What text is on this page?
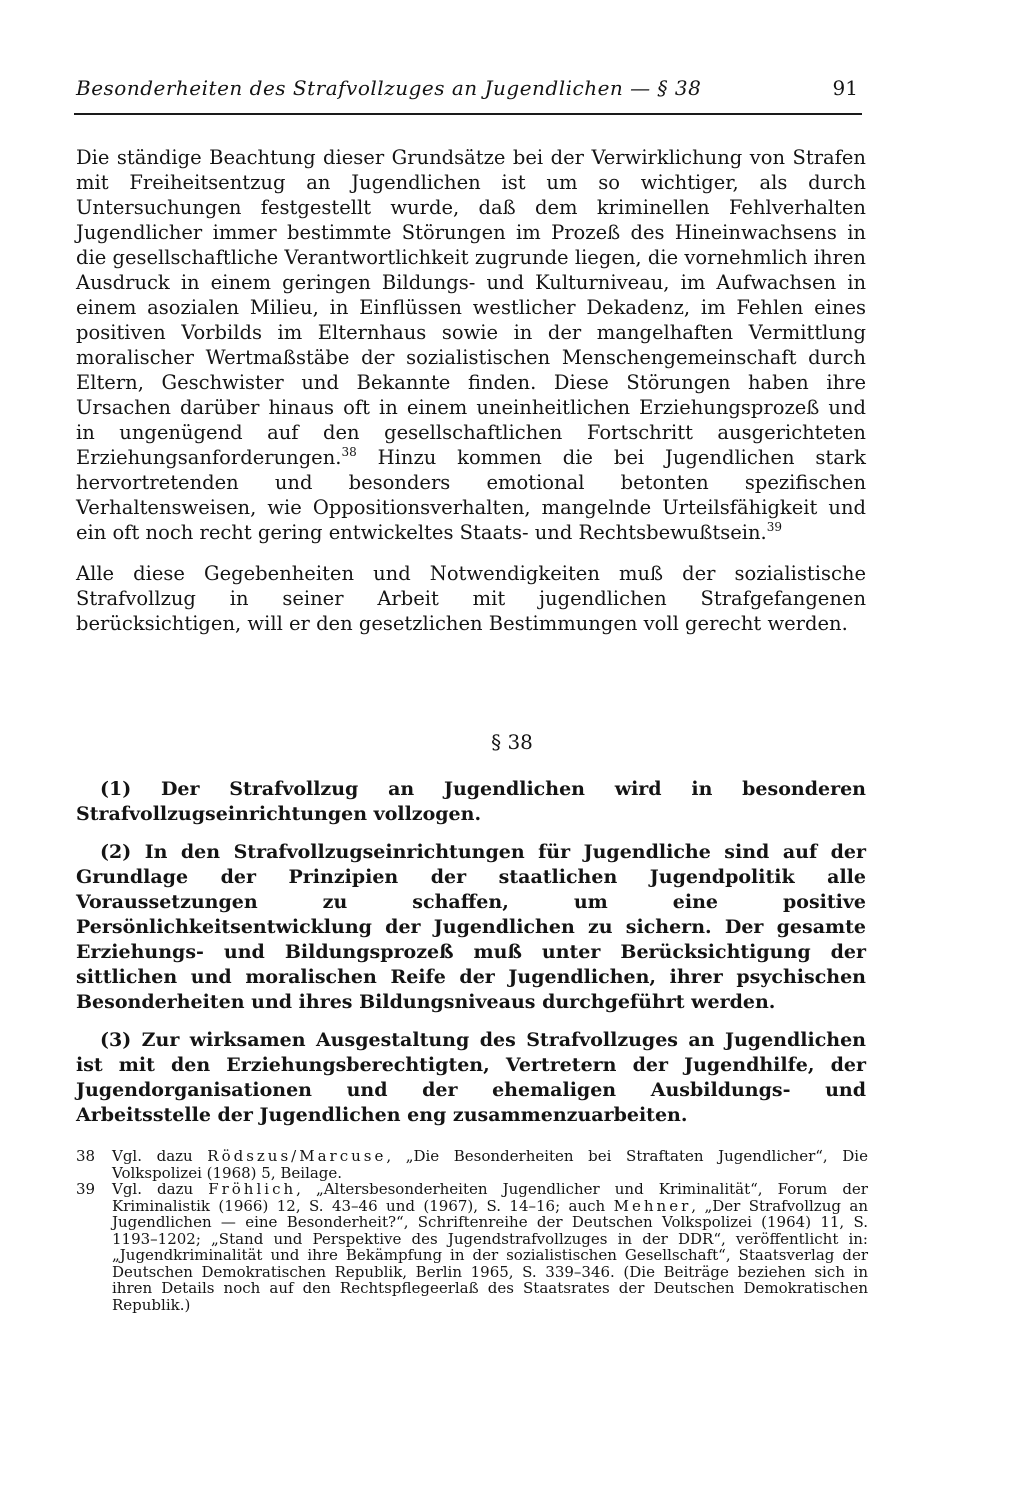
Besonderheiten des Strafvollzuges an Jugendlichen — § 38	91

Die ständige Beachtung dieser Grundsätze bei der Verwirklichung von Strafen mit Freiheitsentzug an Jugendlichen ist um so wichtiger, als durch Untersuchungen festgestellt wurde, daß dem kriminellen Fehlverhalten Jugendlicher immer bestimmte Störungen im Prozeß des Hineinwachsens in die gesellschaftliche Verantwortlichkeit zugrunde liegen, die vornehmlich ihren Ausdruck in einem geringen Bildungs- und Kulturniveau, im Aufwachsen in einem asozialen Milieu, in Einflüssen westlicher Dekadenz, im Fehlen eines positiven Vorbilds im Elternhaus sowie in der mangelhaften Vermittlung moralischer Wertmaßstäbe der sozialistischen Menschengemeinschaft durch Eltern, Geschwister und Bekannte finden. Diese Störungen haben ihre Ursachen darüber hinaus oft in einem uneinheitlichen Erziehungsprozeß und in ungenügend auf den gesellschaftlichen Fortschritt ausgerichteten Erziehungsanforderungen.$^{38}$ Hinzu kommen die bei Jugendlichen stark hervortretenden und besonders emotional betonten spezifischen Verhaltensweisen, wie Oppositionsverhalten, mangelnde Urteilsfähigkeit und ein oft noch recht gering entwickeltes Staats- und Rechtsbewußtsein.$^{39}$

Alle diese Gegebenheiten und Notwendigkeiten muß der sozialistische Strafvollzug in seiner Arbeit mit jugendlichen Strafgefangenen berücksichtigen, will er den gesetzlichen Bestimmungen voll gerecht werden.

§ 38

(1) Der Strafvollzug an Jugendlichen wird in besonderen Strafvollzugseinrichtungen vollzogen.

(2) In den Strafvollzugseinrichtungen für Jugendliche sind auf der Grundlage der Prinzipien der staatlichen Jugendpolitik alle Voraussetzungen zu schaffen, um eine positive Persönlichkeitsentwicklung der Jugendlichen zu sichern. Der gesamte Erziehungs- und Bildungsprozeß muß unter Berücksichtigung der sittlichen und moralischen Reife der Jugendlichen, ihrer psychischen Besonderheiten und ihres Bildungsniveaus durchgeführt werden.

(3) Zur wirksamen Ausgestaltung des Strafvollzuges an Jugendlichen ist mit den Erziehungsberechtigten, Vertretern der Jugendhilfe, der Jugendorganisationen und der ehemaligen Ausbildungs- und Arbeitsstelle der Jugendlichen eng zusammenzuarbeiten.

38	Vgl. dazu Rödszus/Marcuse, „Die Besonderheiten bei Straftaten Jugendlicher“, Die Volkspolizei (1968) 5, Beilage.
39	Vgl. dazu Fröhlich, „Altersbesonderheiten Jugendlicher und Kriminalität“, Forum der Kriminalistik (1966) 12, S. 43–46 und (1967), S. 14–16; auch Mehner, „Der Strafvollzug an Jugendlichen — eine Besonderheit?“, Schriftenreihe der Deutschen Volkspolizei (1964) 11, S. 1193–1202; „Stand und Perspektive des Jugendstrafvollzuges in der DDR“, veröffentlicht in: „Jugendkriminalität und ihre Bekämpfung in der sozialistischen Gesellschaft“, Staatsverlag der Deutschen Demokratischen Republik, Berlin 1965, S. 339–346. (Die Beiträge beziehen sich in ihren Details noch auf den Rechtspflegeerlaß des Staatsrates der Deutschen Demokratischen Republik.)
